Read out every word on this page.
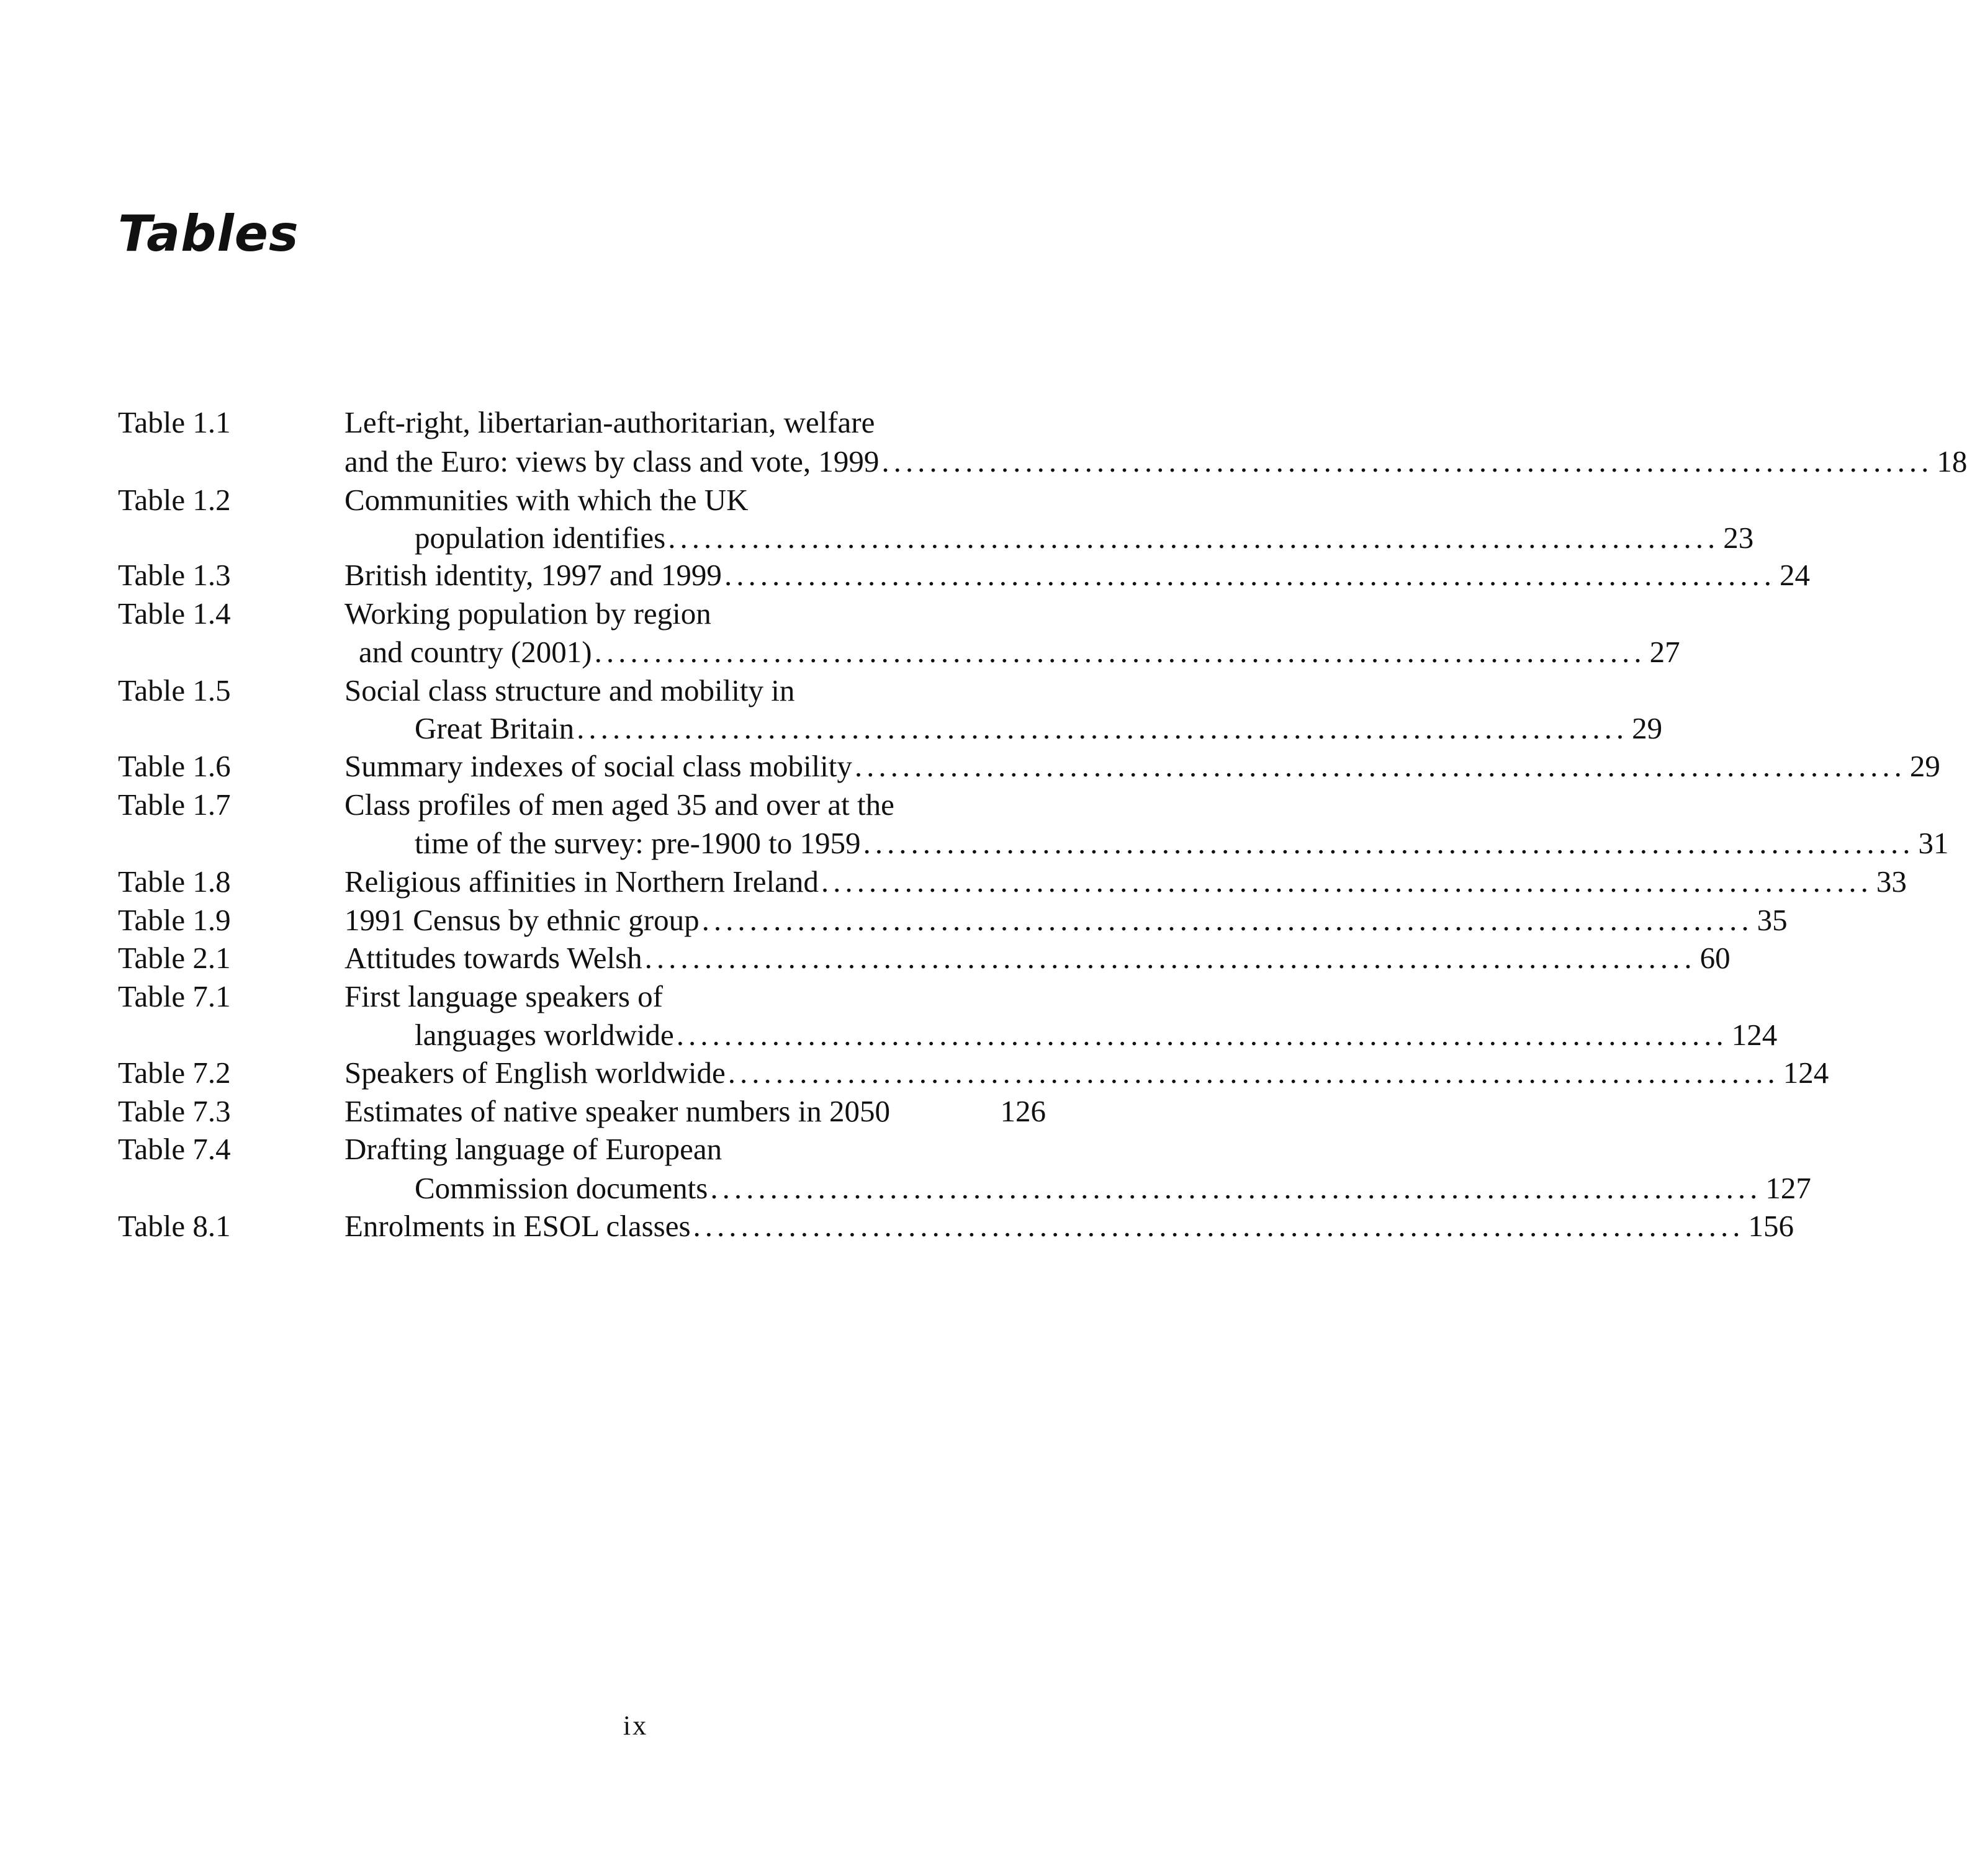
Tables
Table 1.1	Left-right, libertarian-authoritarian, welfare
and the Euro: views by class and vote, 1999 ........................................................................................ 18
Table 1.2	Communities with which the UK
population identifies ........................................................................................ 23
Table 1.3	British identity, 1997 and 1999 ........................................................................................ 24
Table 1.4	Working population by region
and country (2001) ........................................................................................ 27
Table 1.5	Social class structure and mobility in
Great Britain ........................................................................................ 29
Table 1.6	Summary indexes of social class mobility ........................................................................................ 29
Table 1.7	Class profiles of men aged 35 and over at the
time of the survey: pre-1900 to 1959 ........................................................................................ 31
Table 1.8	Religious affinities in Northern Ireland ........................................................................................ 33
Table 1.9	1991 Census by ethnic group ........................................................................................ 35
Table 2.1	Attitudes towards Welsh ........................................................................................ 60
Table 7.1	First language speakers of
languages worldwide ........................................................................................ 124
Table 7.2	Speakers of English worldwide ........................................................................................ 124
Table 7.3	Estimates of native speaker numbers in 2050	126
Table 7.4	Drafting language of European
Commission documents ........................................................................................ 127
Table 8.1	Enrolments in ESOL classes ........................................................................................ 156
ix
